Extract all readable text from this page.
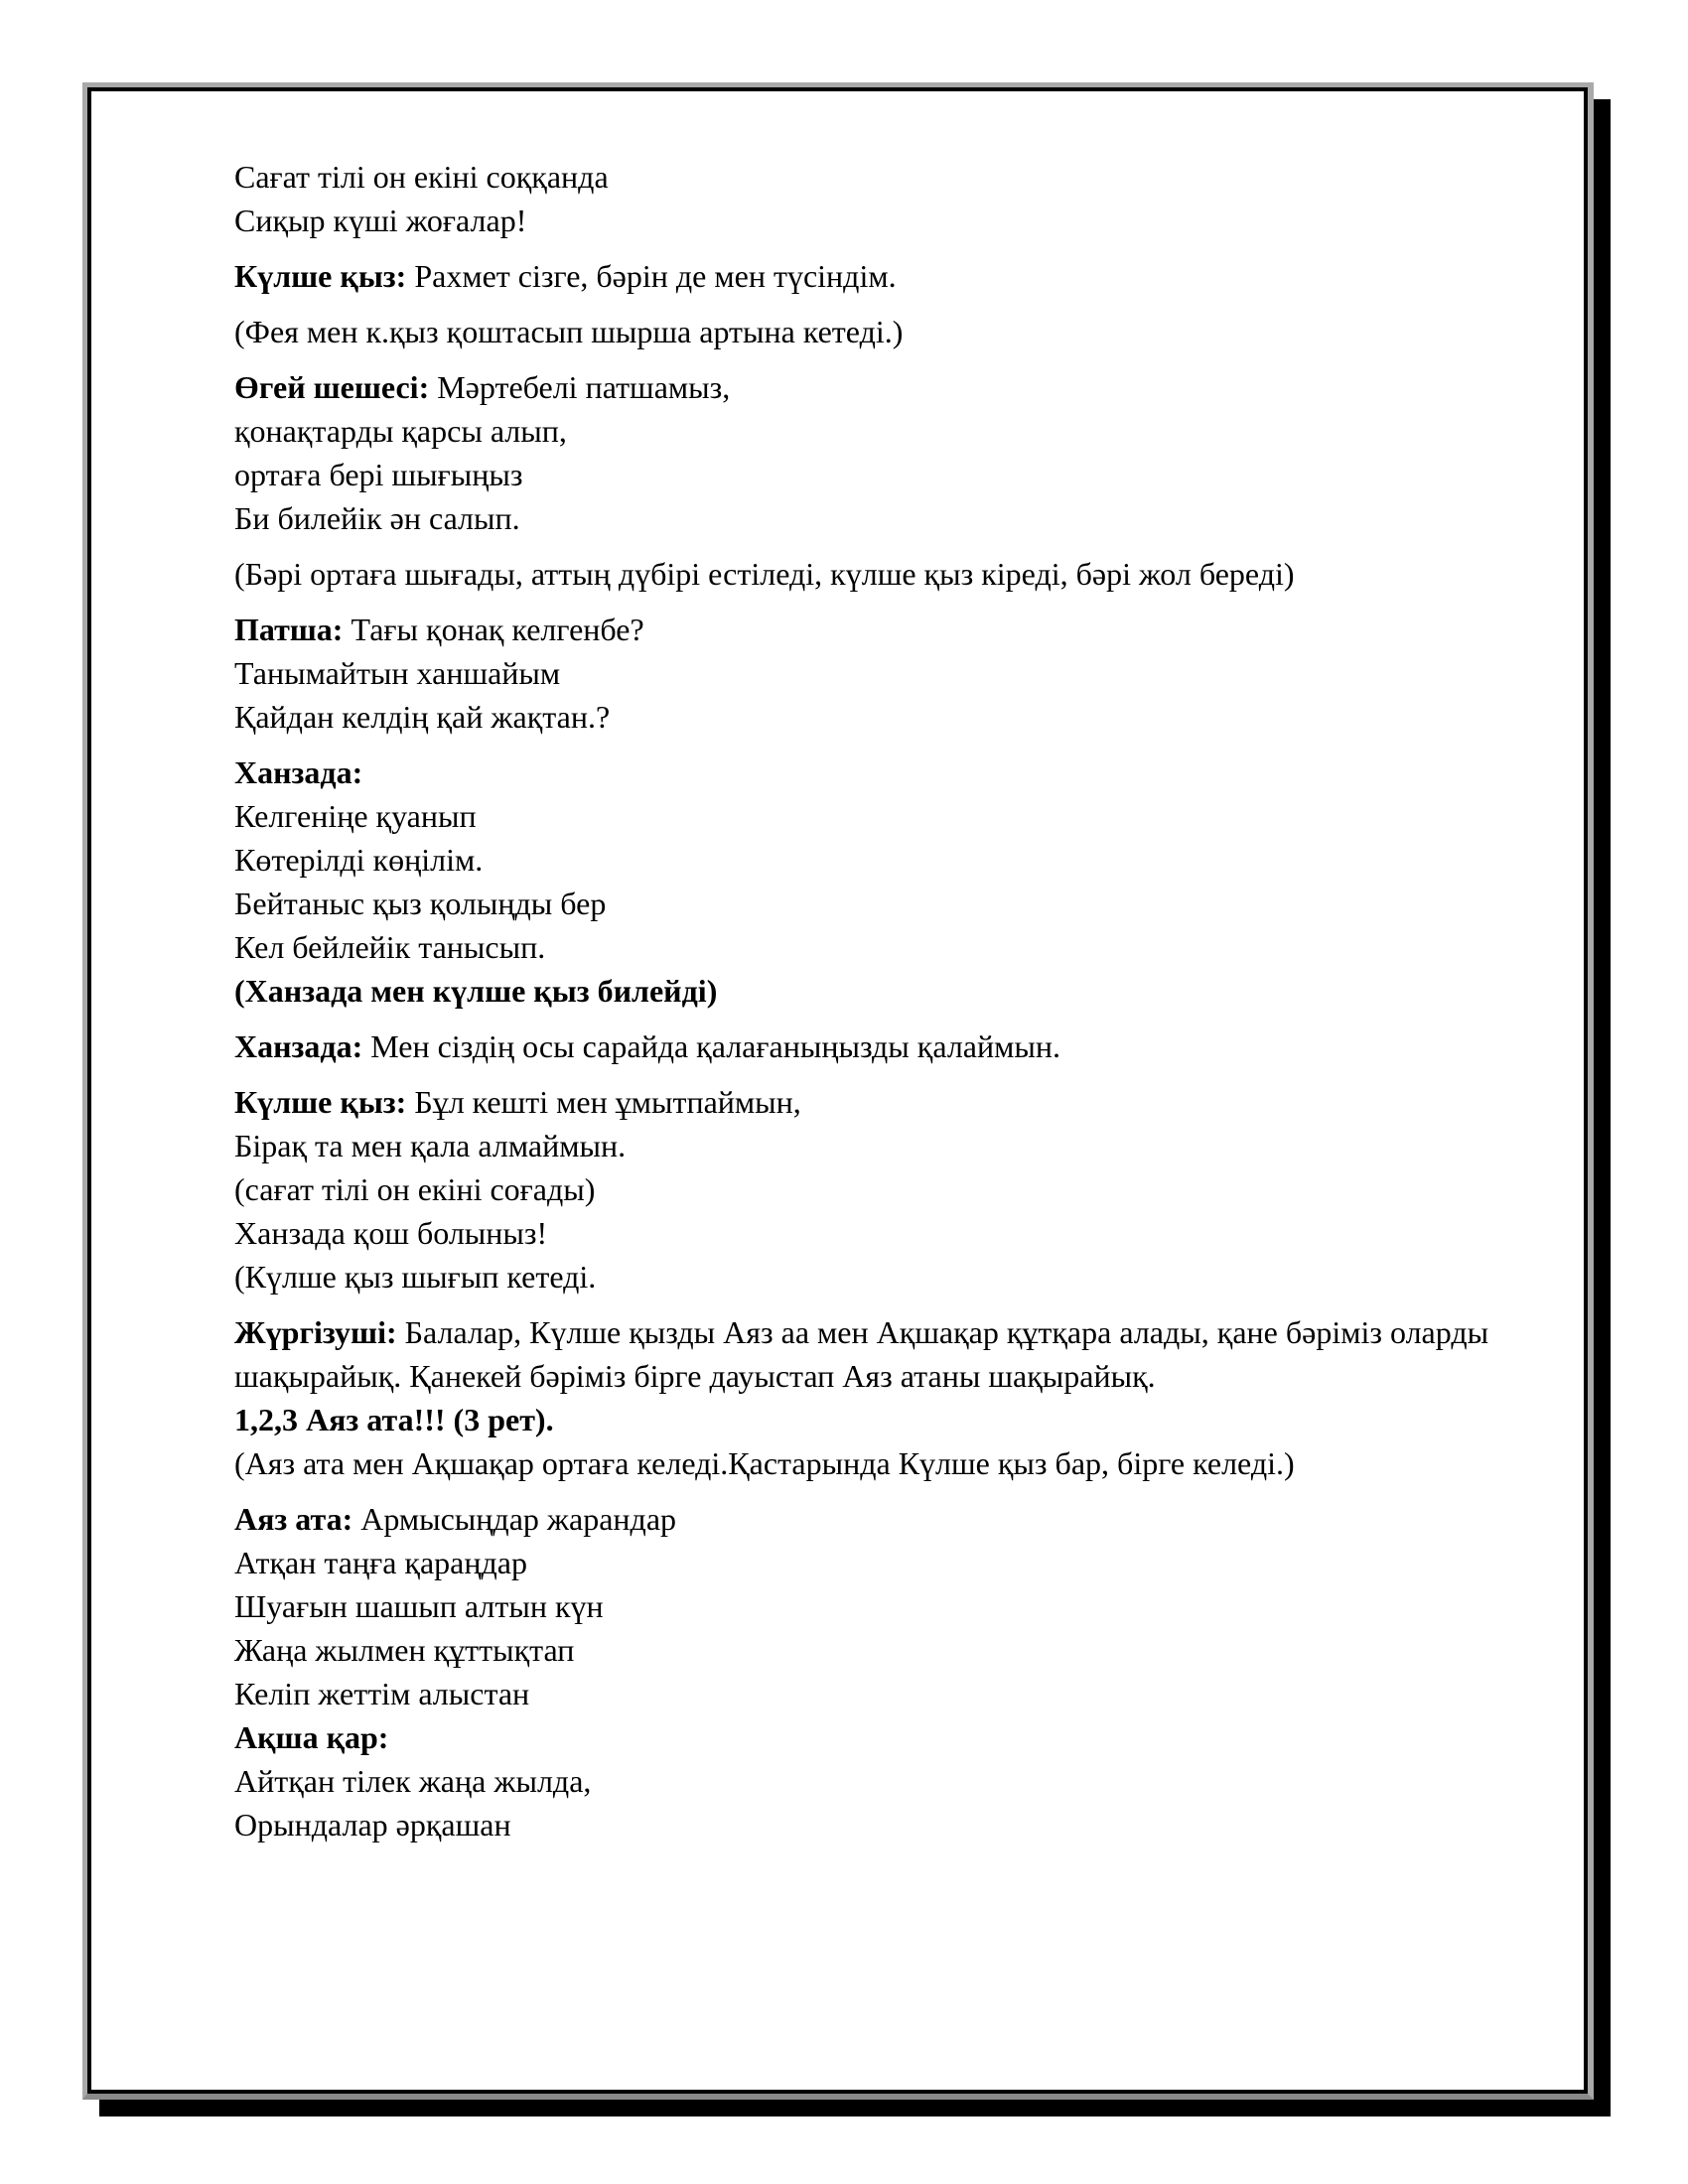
Сағат тілі он екіні соққанда
Сиқыр күші жоғалар!
Күлше қыз: Рахмет сізге, бәрін де мен түсіндім.
(Фея мен к.қыз қоштасып шырша артына кетеді.)
Өгей шешесі: Мәртебелі патшамыз,
қонақтарды қарсы алып,
ортаға бері шығыңыз
Би билейік ән салып.
(Бәрі ортаға шығады, аттың дүбірі естіледі, күлше қыз кіреді, бәрі жол береді)
Патша: Тағы қонақ келгенбе?
Танымайтын ханшайым
Қайдан келдің қай жақтан.?
Ханзада:
Келгеніңе қуанып
Көтерілді көңілім.
Бейтаныс қыз қолыңды бер
Кел бейлейік танысып.
(Ханзада мен күлше қыз билейді)
Ханзада: Мен сіздің осы сарайда қалағаныңызды қалаймын.
Күлше қыз: Бұл кешті мен ұмытпаймын,
Бірақ та мен қала алмаймын.
(сағат тілі он екіні соғады)
Ханзада қош болыныз!
(Күлше қыз шығып кетеді.
Жүргізуші: Балалар, Күлше қызды Аяз аа мен Ақшақар құтқара алады, қане бәріміз оларды шақырайық. Қанекей бәріміз бірге дауыстап Аяз атаны шақырайық.
1,2,3 Аяз ата!!! (3 рет).
(Аяз ата мен Ақшақар ортаға келеді.Қастарында Күлше қыз бар, бірге келеді.)
Аяз ата: Армысыңдар жарандар
Атқан таңға қараңдар
Шуағын шашып алтын күн
Жаңа жылмен құттықтап
Келіп жеттім алыстан
Ақша қар:
Айтқан тілек жаңа жылда,
Орындалар әрқашан
